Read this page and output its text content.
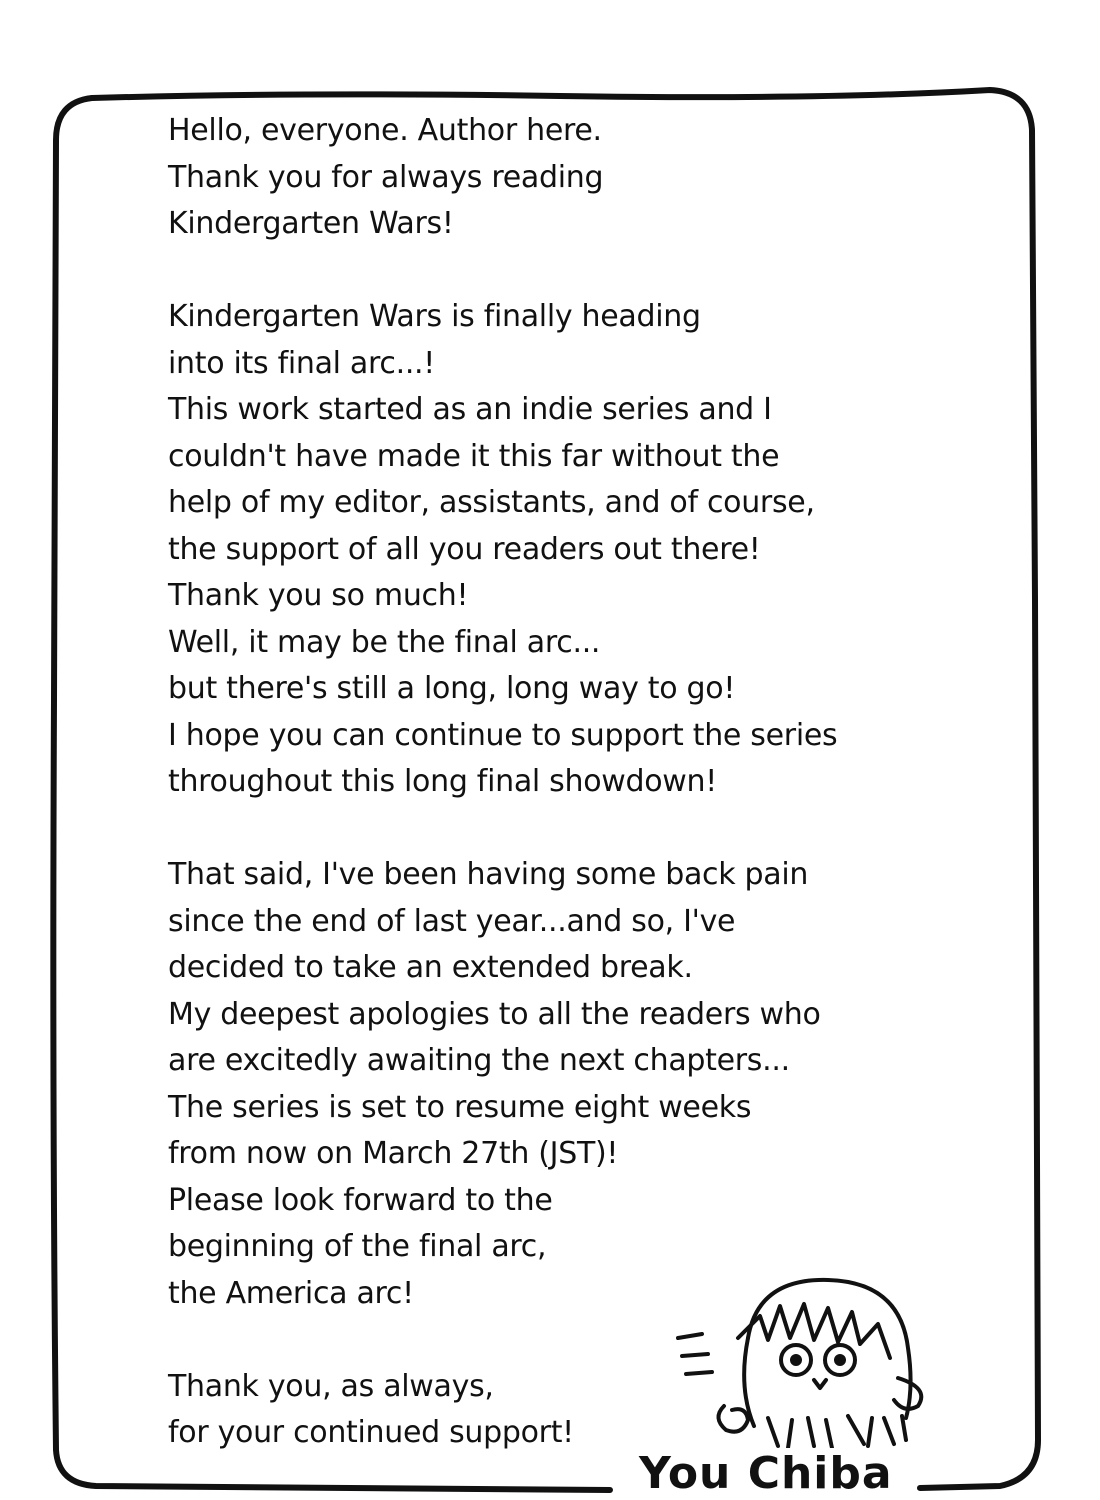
Hello, everyone. Author here.
Thank you for always reading
Kindergarten Wars!
Kindergarten Wars is finally heading
into its final arc...!
This work started as an indie series and I
couldn't have made it this far without the
help of my editor, assistants, and of course,
the support of all you readers out there!
Thank you so much!
Well, it may be the final arc...
but there's still a long, long way to go!
I hope you can continue to support the series
throughout this long final showdown!
That said, I've been having some back pain
since the end of last year...and so, I've
decided to take an extended break.
My deepest apologies to all the readers who
are excitedly awaiting the next chapters...
The series is set to resume eight weeks
from now on March 27th (JST)!
Please look forward to the
beginning of the final arc,
the America arc!
Thank you, as always,
for your continued support!
You Chiba
